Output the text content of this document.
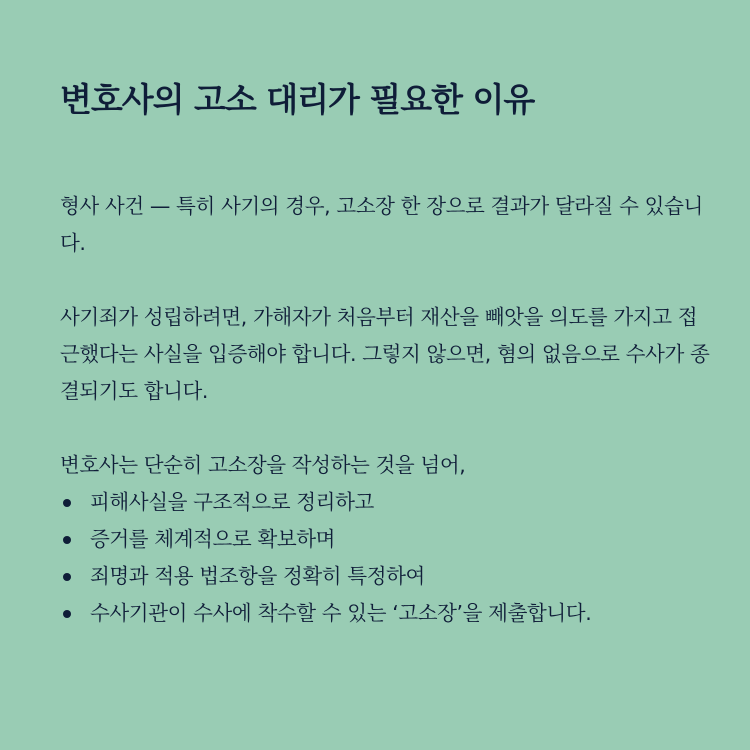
변호사의 고소 대리가 필요한 이유

형사 사건 — 특히 사기의 경우, 고소장 한 장으로 결과가 달라질 수 있습니다.

사기죄가 성립하려면, 가해자가 처음부터 재산을 빼앗을 의도를 가지고 접근했다는 사실을 입증해야 합니다. 그렇지 않으면, 혐의 없음으로 수사가 종결되기도 합니다.

변호사는 단순히 고소장을 작성하는 것을 넘어,

피해사실을 구조적으로 정리하고
증거를 체계적으로 확보하며
죄명과 적용 법조항을 정확히 특정하여
수사기관이 수사에 착수할 수 있는 ‘고소장’을 제출합니다.
